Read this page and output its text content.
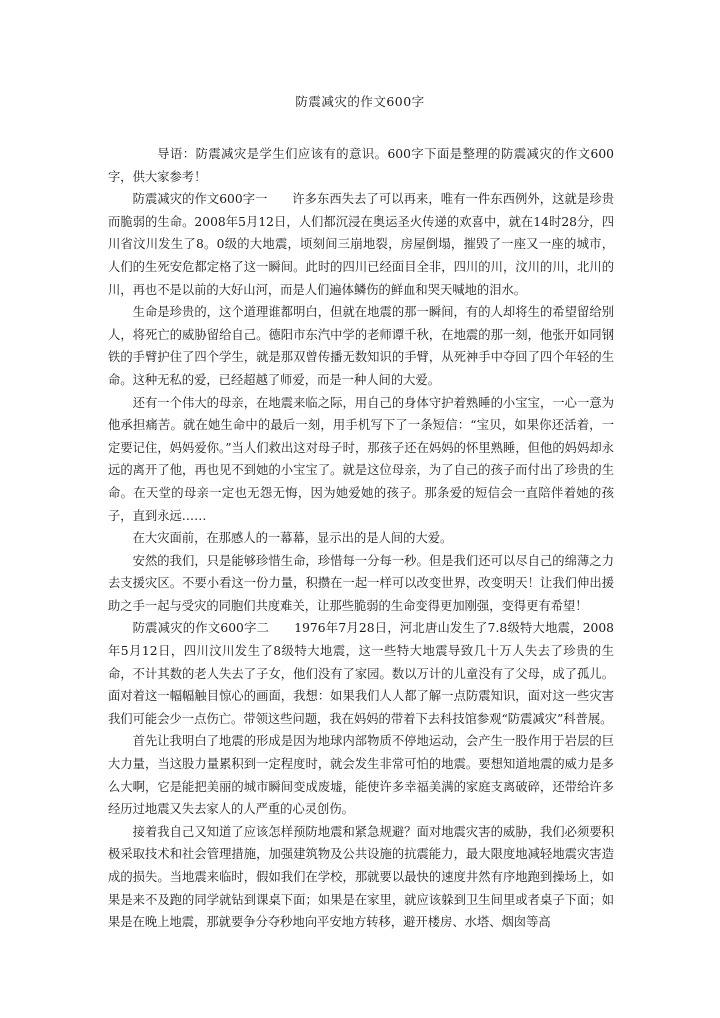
防震减灾的作文600字

导语：防震减灾是学生们应该有的意识。600字下面是整理的防震减灾的作文600字，供大家参考！

防震减灾的作文600字一　　许多东西失去了可以再来，唯有一件东西例外，这就是珍贵而脆弱的生命。2008年5月12日，人们都沉浸在奥运圣火传递的欢喜中，就在14时28分，四川省汶川发生了8。0级的大地震，顷刻间三崩地裂，房屋倒塌，摧毁了一座又一座的城市，人们的生死安危都定格了这一瞬间。此时的四川已经面目全非，四川的川，汶川的川，北川的川，再也不是以前的大好山河，而是人们遍体鳞伤的鲜血和哭天喊地的泪水。

生命是珍贵的，这个道理谁都明白，但就在地震的那一瞬间，有的人却将生的希望留给别人，将死亡的威胁留给自己。德阳市东汽中学的老师谭千秋，在地震的那一刻，他张开如同钢铁的手臂护住了四个学生，就是那双曾传播无数知识的手臂，从死神手中夺回了四个年轻的生命。这种无私的爱，已经超越了师爱，而是一种人间的大爱。

还有一个伟大的母亲，在地震来临之际，用自己的身体守护着熟睡的小宝宝，一心一意为他承担痛苦。就在她生命中的最后一刻，用手机写下了一条短信：“宝贝，如果你还活着，一定要记住，妈妈爱你。”当人们救出这对母子时，那孩子还在妈妈的怀里熟睡，但他的妈妈却永远的离开了他，再也见不到她的小宝宝了。就是这位母亲，为了自己的孩子而付出了珍贵的生命。在天堂的母亲一定也无怨无悔，因为她爱她的孩子。那条爱的短信会一直陪伴着她的孩子，直到永远……

在大灾面前，在那感人的一幕幕，显示出的是人间的大爱。

安然的我们，只是能够珍惜生命，珍惜每一分每一秒。但是我们还可以尽自己的绵薄之力去支援灾区。不要小看这一份力量，积攒在一起一样可以改变世界，改变明天！让我们伸出援助之手一起与受灾的同胞们共度难关，让那些脆弱的生命变得更加刚强，变得更有希望！

防震减灾的作文600字二　　1976年7月28日，河北唐山发生了7.8级特大地震，2008年5月12日，四川汶川发生了8级特大地震，这一些特大地震导致几十万人失去了珍贵的生命，不计其数的老人失去了子女，他们没有了家园。数以万计的儿童没有了父母，成了孤儿。面对着这一幅幅触目惊心的画面，我想：如果我们人人都了解一点防震知识，面对这一些灾害我们可能会少一点伤亡。带领这些问题，我在妈妈的带着下去科技馆参观“防震减灾”科普展。

首先让我明白了地震的形成是因为地球内部物质不停地运动，会产生一股作用于岩层的巨大力量，当这股力量累积到一定程度时，就会发生非常可怕的地震。要想知道地震的威力是多么大啊，它是能把美丽的城市瞬间变成废墟，能使许多幸福美满的家庭支离破碎，还带给许多经历过地震又失去家人的人严重的心灵创伤。

接着我自己又知道了应该怎样预防地震和紧急规避？面对地震灾害的威胁，我们必须要积极采取技术和社会管理措施，加强建筑物及公共设施的抗震能力，最大限度地减轻地震灾害造成的损失。当地震来临时，假如我们在学校，那就要以最快的速度井然有序地跑到操场上，如果是来不及跑的同学就钻到课桌下面；如果是在家里，就应该躲到卫生间里或者桌子下面；如果是在晚上地震，那就要争分夺秒地向平安地方转移，避开楼房、水塔、烟囱等高
